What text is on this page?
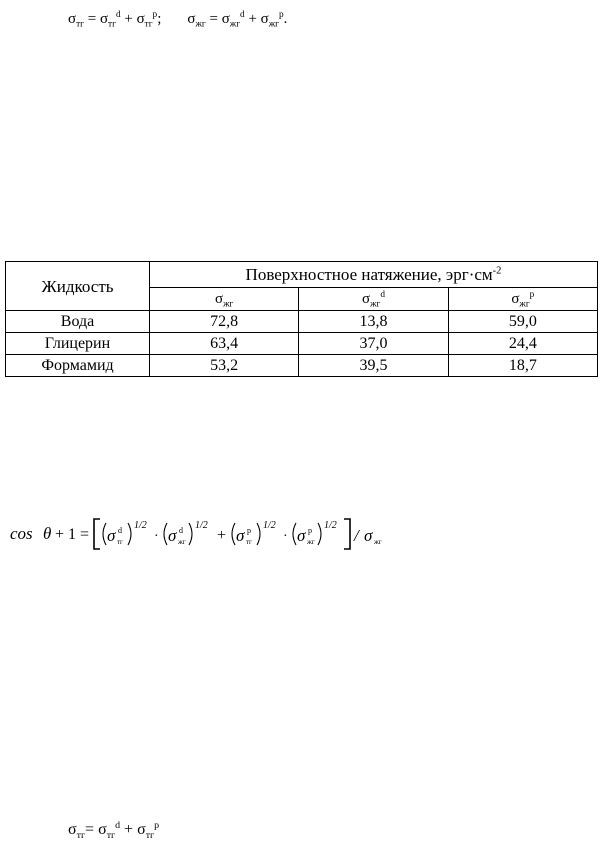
$\sigma_{тг} = \sigma_{тг}^d + \sigma_{тг}^p$; $\sigma_{жг} = \sigma_{жг}^d + \sigma_{жг}^p$.
Жидкость	Поверхностное натяжение, $эрг\cdot см^{-2}$
	$\sigma_{жг}$	$\sigma_{жг}^d$	$\sigma_{жг}^p$
Вода	72,8	13,8	59,0
Глицерин	63,4	37,0	24,4
Формамид	53,2	39,5	18,7
cos θ + 1 = σ d
тг
1/2
· σ d
жг
1/2
+ σ p
тг
1/2
· σ p
жг
1/2
/ σ жг
$\sigma_{тг}= \sigma_{тг}^d + \sigma_{тг}^p$
